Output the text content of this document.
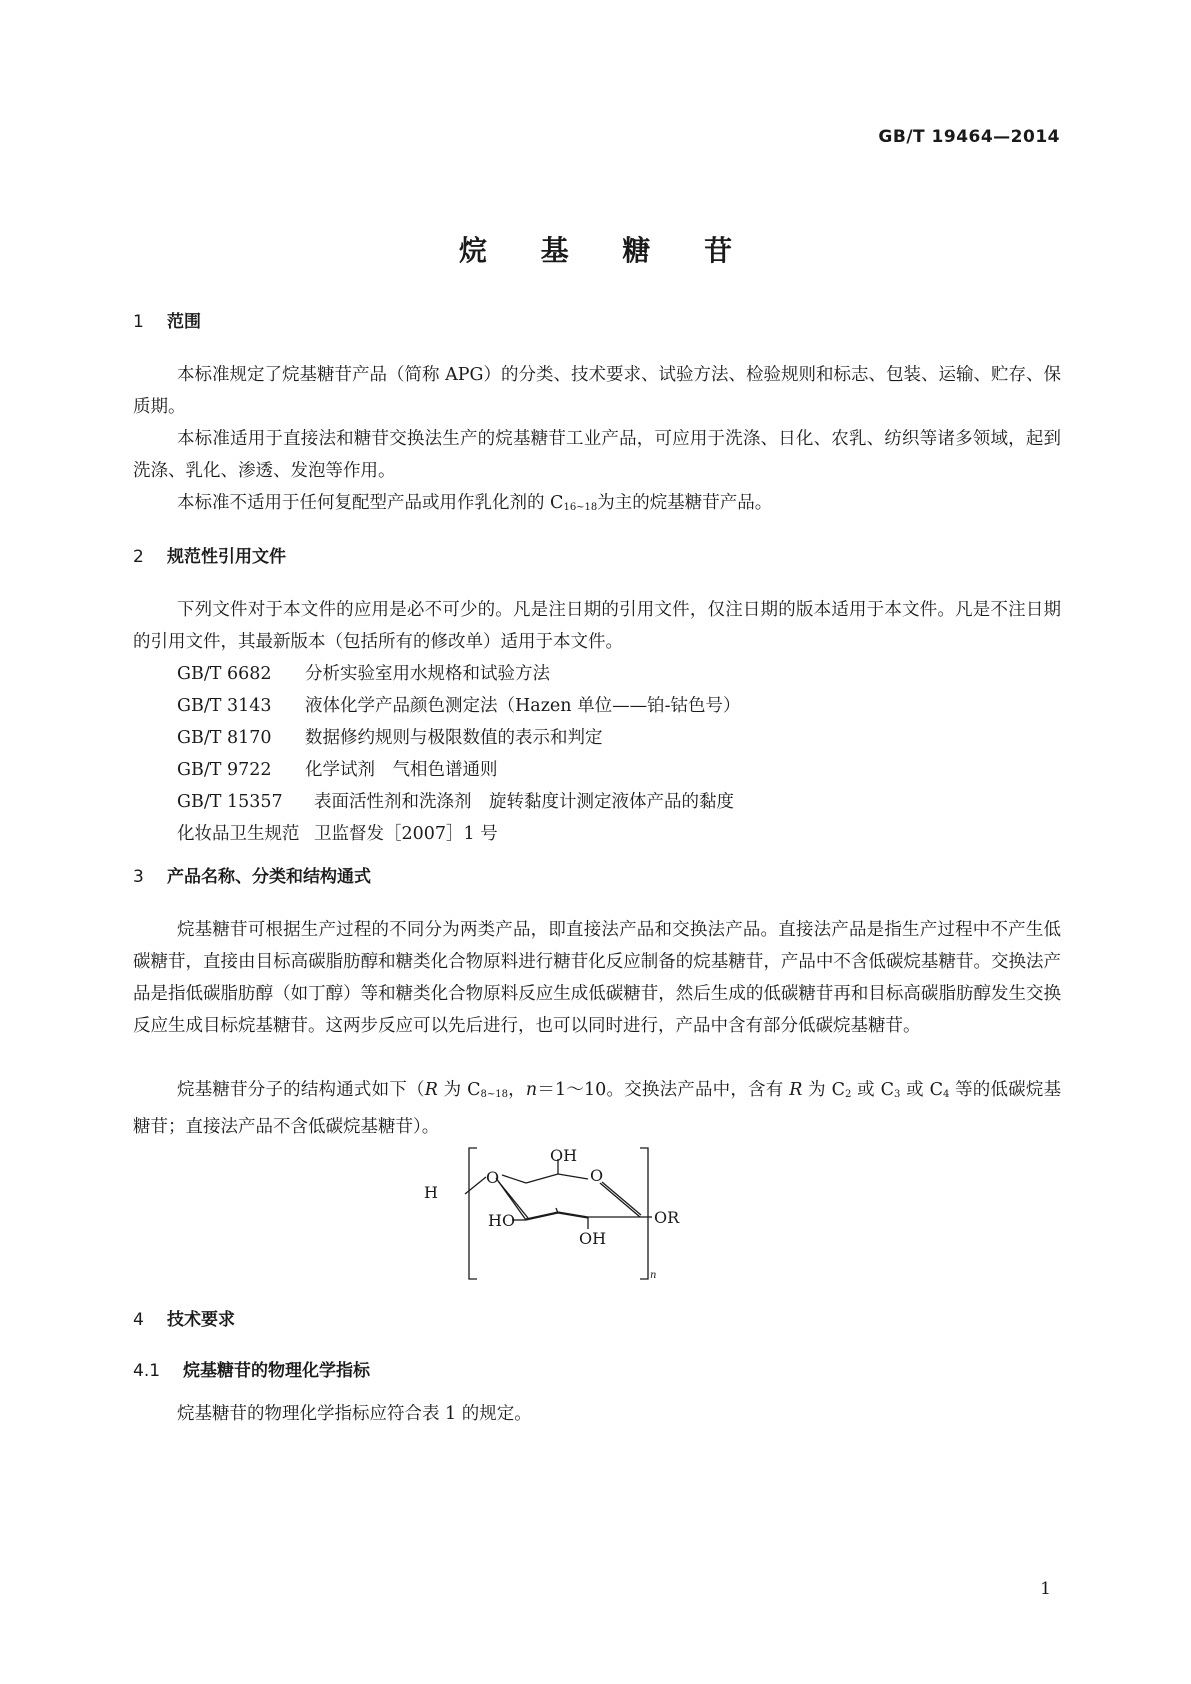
GB/T 19464—2014
烷 基 糖 苷
1 范围

本标准规定了烷基糖苷产品（简称 APG）的分类、技术要求、试验方法、检验规则和标志、包装、运输、贮存、保质期。

本标准适用于直接法和糖苷交换法生产的烷基糖苷工业产品，可应用于洗涤、日化、农乳、纺织等诸多领域，起到洗涤、乳化、渗透、发泡等作用。

本标准不适用于任何复配型产品或用作乳化剂的 $C_{16\sim 18}$为主的烷基糖苷产品。

2 规范性引用文件

下列文件对于本文件的应用是必不可少的。凡是注日期的引用文件，仅注日期的版本适用于本文件。凡是不注日期的引用文件，其最新版本（包括所有的修改单）适用于本文件。

GB/T 6682 分析实验室用水规格和试验方法
GB/T 3143 液体化学产品颜色测定法（Hazen 单位——铂-钴色号）
GB/T 8170 数据修约规则与极限数值的表示和判定
GB/T 9722 化学试剂　气相色谱通则
GB/T 15357 表面活性剂和洗涤剂　旋转黏度计测定液体产品的黏度
化妆品卫生规范 卫监督发［2007］1 号
3 产品名称、分类和结构通式

烷基糖苷可根据生产过程的不同分为两类产品，即直接法产品和交换法产品。直接法产品是指生产过程中不产生低碳糖苷，直接由目标高碳脂肪醇和糖类化合物原料进行糖苷化反应制备的烷基糖苷，产品中不含低碳烷基糖苷。交换法产品是指低碳脂肪醇（如丁醇）等和糖类化合物原料反应生成低碳糖苷，然后生成的低碳糖苷再和目标高碳脂肪醇发生交换反应生成目标烷基糖苷。这两步反应可以先后进行，也可以同时进行，产品中含有部分低碳烷基糖苷。

烷基糖苷分子的结构通式如下（R 为 $C_{8\sim 18}$，n＝1～10。交换法产品中，含有 R 为 $C_2$ 或 $C_3$ 或 $C_4$ 等的低碳烷基糖苷；直接法产品不含低碳烷基糖苷）。

H
O
OH
O
HO
OH
OR
n
4 技术要求
4.1 烷基糖苷的物理化学指标

烷基糖苷的物理化学指标应符合表 1 的规定。

1
